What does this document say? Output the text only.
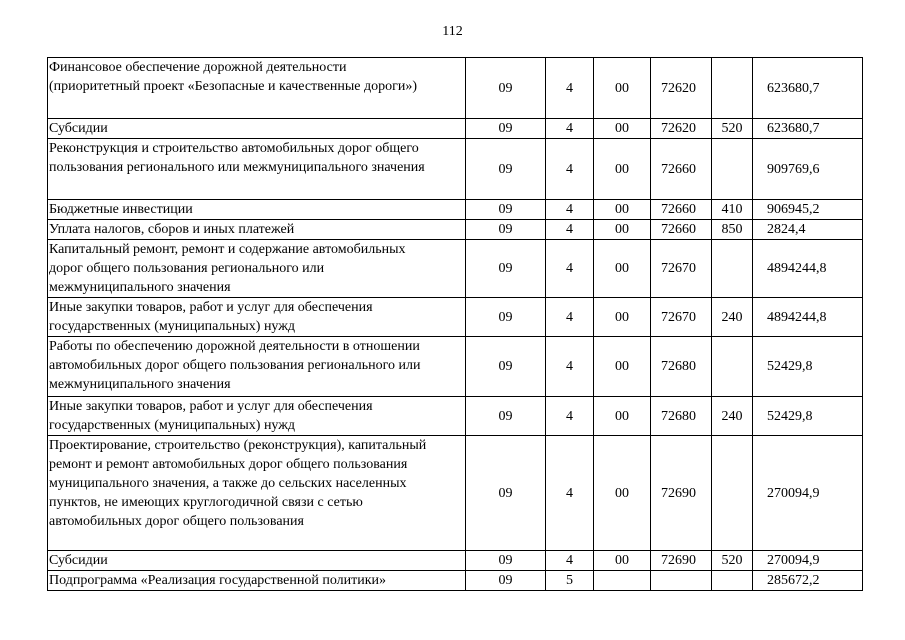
112
Финансовое обеспечение дорожной деятельности
(приоритетный проект «Безопасные и качественные дороги»)	09	4	00	72620		623680,7
Субсидии	09	4	00	72620	520	623680,7
Реконструкция и строительство автомобильных дорог общего
пользования регионального или межмуниципального значения	09	4	00	72660		909769,6
Бюджетные инвестиции	09	4	00	72660	410	906945,2
Уплата налогов, сборов и иных платежей	09	4	00	72660	850	2824,4
Капитальный ремонт, ремонт и содержание автомобильных
дорог общего пользования регионального или
межмуниципального значения	09	4	00	72670		4894244,8
Иные закупки товаров, работ и услуг для обеспечения
государственных (муниципальных) нужд	09	4	00	72670	240	4894244,8
Работы по обеспечению дорожной деятельности в отношении
автомобильных дорог общего пользования регионального или
межмуниципального значения	09	4	00	72680		52429,8
Иные закупки товаров, работ и услуг для обеспечения
государственных (муниципальных) нужд	09	4	00	72680	240	52429,8
Проектирование, строительство (реконструкция), капитальный
ремонт и ремонт автомобильных дорог общего пользования
муниципального значения, а также до сельских населенных
пунктов, не имеющих круглогодичной связи с сетью
автомобильных дорог общего пользования	09	4	00	72690		270094,9
Субсидии	09	4	00	72690	520	270094,9
Подпрограмма «Реализация государственной политики»	09	5				285672,2
